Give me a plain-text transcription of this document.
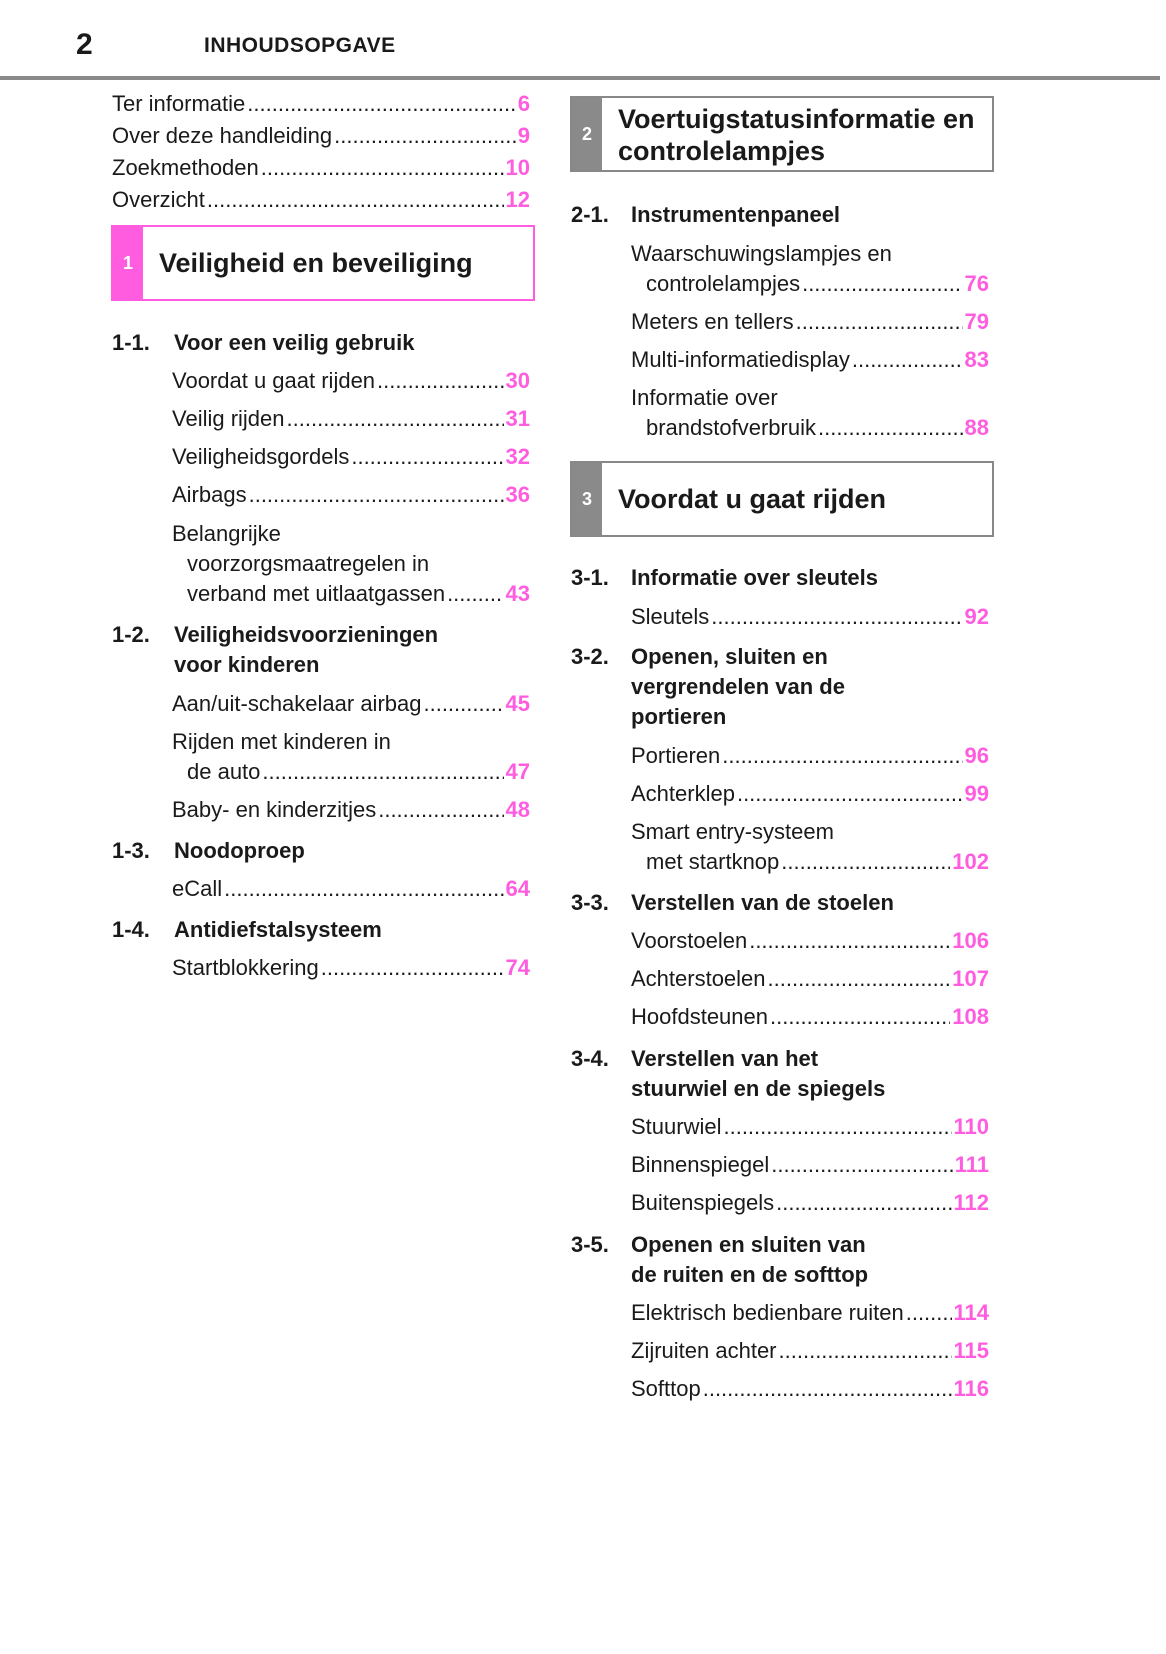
2	INHOUDSOPGAVE
Ter informatie .....	6
Over deze handleiding .....	9
Zoekmethoden .....	10
Overzicht .....	12
1 Veiligheid en beveiliging
1-1. Voor een veilig gebruik
Voordat u gaat rijden .....	30
Veilig rijden .....	31
Veiligheidsgordels .....	32
Airbags .....	36
Belangrijke
voorzorgsmaatregelen in
verband met uitlaatgassen .....	43
1-2. Veiligheidsvoorzieningen
voor kinderen
Aan/uit-schakelaar airbag .....	45
Rijden met kinderen in
de auto .....	47
Baby- en kinderzitjes .....	48
1-3. Noodoproep
eCall .....	64
1-4. Antidiefstalsysteem
Startblokkering .....	74
2 Voertuigstatusinformatie en
controlelampjes
2-1. Instrumentenpaneel
Waarschuwingslampjes en
controlelampjes .....	76
Meters en tellers .....	79
Multi-informatiedisplay .....	83
Informatie over
brandstofverbruik .....	88
3 Voordat u gaat rijden
3-1. Informatie over sleutels
Sleutels .....	92
3-2. Openen, sluiten en
vergrendelen van de
portieren
Portieren .....	96
Achterklep .....	99
Smart entry-systeem
met startknop .....	102
3-3. Verstellen van de stoelen
Voorstoelen .....	106
Achterstoelen .....	107
Hoofdsteunen .....	108
3-4. Verstellen van het
stuurwiel en de spiegels
Stuurwiel .....	110
Binnenspiegel .....	111
Buitenspiegels .....	112
3-5. Openen en sluiten van
de ruiten en de softtop
Elektrisch bedienbare ruiten ..... 114
Zijruiten achter .....	115
Softtop .....	116
